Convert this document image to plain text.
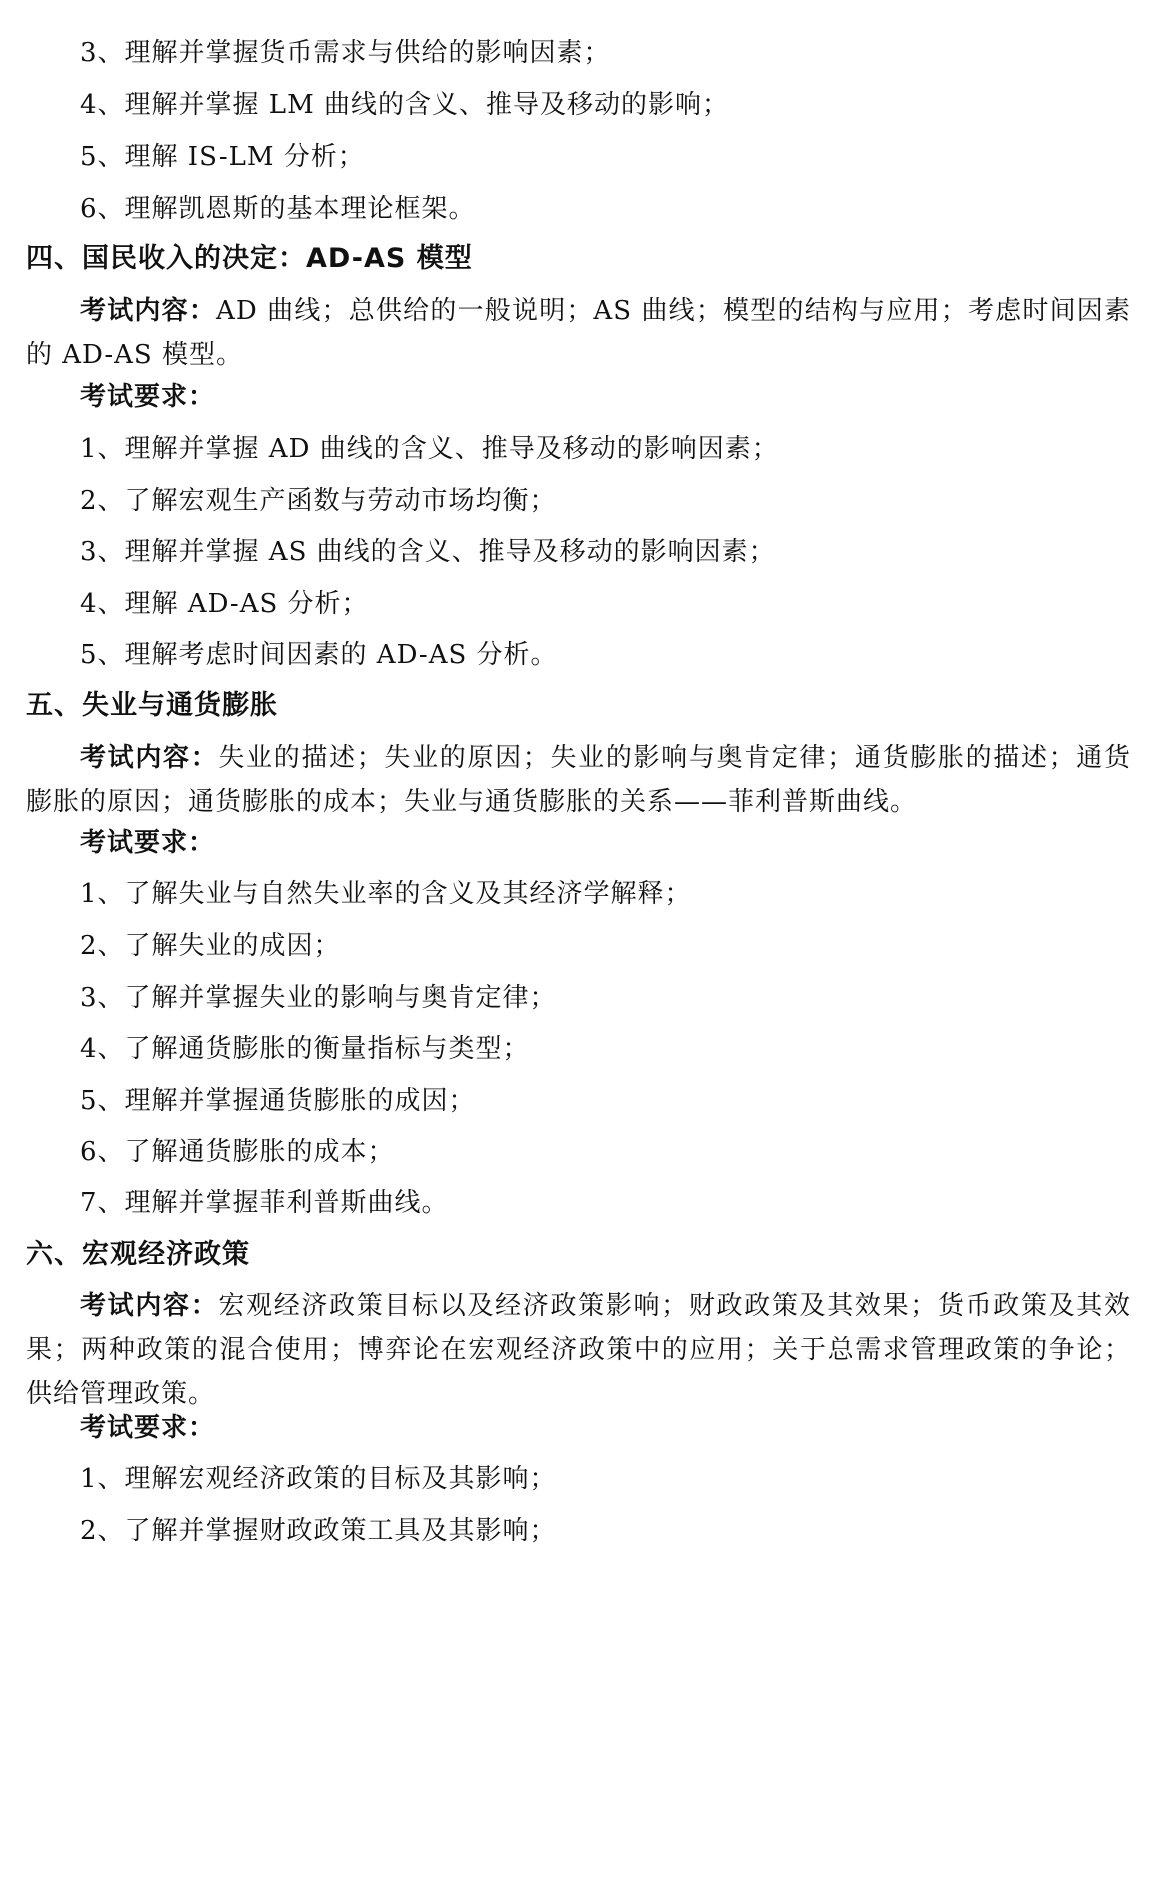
3、理解并掌握货币需求与供给的影响因素；
4、理解并掌握 LM 曲线的含义、推导及移动的影响；
5、理解 IS-LM 分析；
6、理解凯恩斯的基本理论框架。
四、国民收入的决定：AD-AS 模型
考试内容：AD 曲线；总供给的一般说明；AS 曲线；模型的结构与应用；考虑时间因素的 AD-AS 模型。
考试要求：
1、理解并掌握 AD 曲线的含义、推导及移动的影响因素；
2、了解宏观生产函数与劳动市场均衡；
3、理解并掌握 AS 曲线的含义、推导及移动的影响因素；
4、理解 AD-AS 分析；
5、理解考虑时间因素的 AD-AS 分析。
五、失业与通货膨胀
考试内容：失业的描述；失业的原因；失业的影响与奥肯定律；通货膨胀的描述；通货膨胀的原因；通货膨胀的成本；失业与通货膨胀的关系——菲利普斯曲线。
考试要求：
1、了解失业与自然失业率的含义及其经济学解释；
2、了解失业的成因；
3、了解并掌握失业的影响与奥肯定律；
4、了解通货膨胀的衡量指标与类型；
5、理解并掌握通货膨胀的成因；
6、了解通货膨胀的成本；
7、理解并掌握菲利普斯曲线。
六、宏观经济政策
考试内容：宏观经济政策目标以及经济政策影响；财政政策及其效果；货币政策及其效果；两种政策的混合使用；博弈论在宏观经济政策中的应用；关于总需求管理政策的争论；供给管理政策。
考试要求：
1、理解宏观经济政策的目标及其影响；
2、了解并掌握财政政策工具及其影响；
